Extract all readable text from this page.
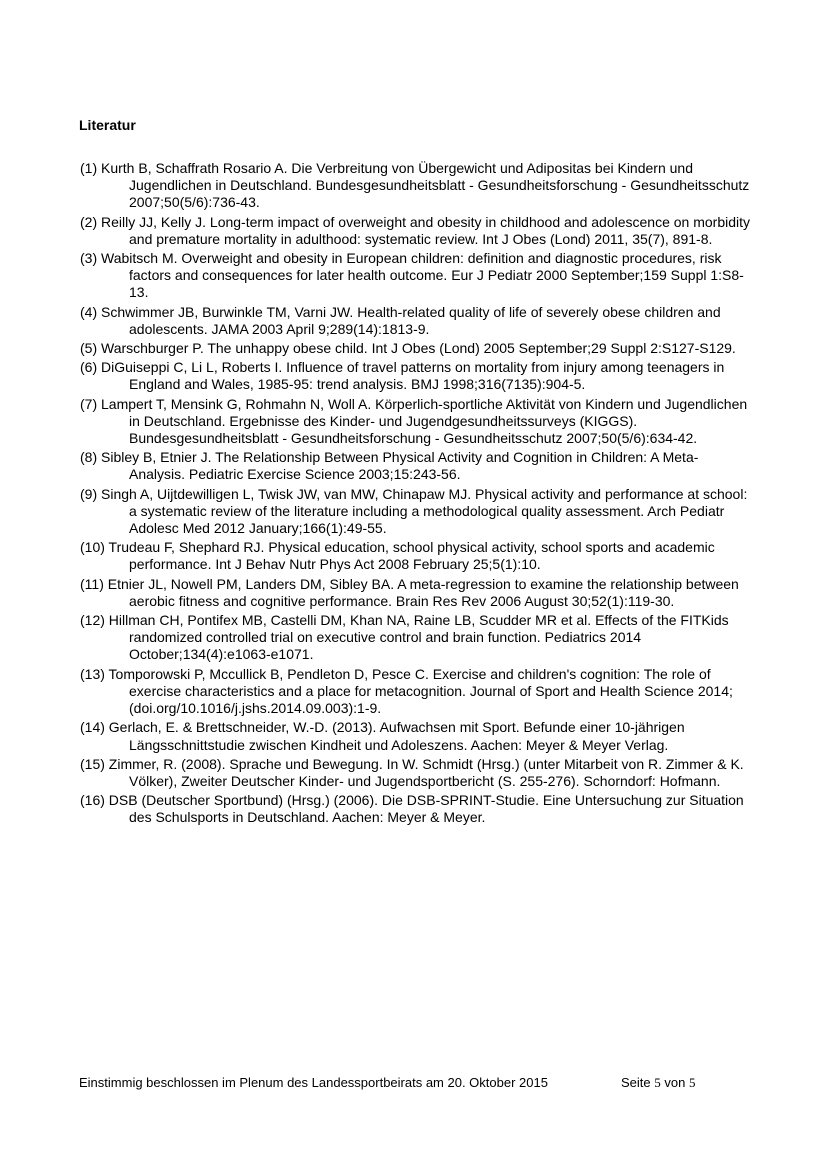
Literatur
(1) Kurth B, Schaffrath Rosario A. Die Verbreitung von Übergewicht und Adipositas bei Kindern und Jugendlichen in Deutschland. Bundesgesundheitsblatt - Gesundheitsforschung - Gesundheitsschutz 2007;50(5/6):736-43.
(2) Reilly JJ, Kelly J. Long-term impact of overweight and obesity in childhood and adolescence on morbidity and premature mortality in adulthood: systematic review. Int J Obes (Lond) 2011, 35(7), 891-8.
(3) Wabitsch M. Overweight and obesity in European children: definition and diagnostic procedures, risk factors and consequences for later health outcome. Eur J Pediatr 2000 September;159 Suppl 1:S8-13.
(4) Schwimmer JB, Burwinkle TM, Varni JW. Health-related quality of life of severely obese children and adolescents. JAMA 2003 April 9;289(14):1813-9.
(5) Warschburger P. The unhappy obese child. Int J Obes (Lond) 2005 September;29 Suppl 2:S127-S129.
(6) DiGuiseppi C, Li L, Roberts I. Influence of travel patterns on mortality from injury among teenagers in England and Wales, 1985-95: trend analysis. BMJ 1998;316(7135):904-5.
(7) Lampert T, Mensink G, Rohmahn N, Woll A. Körperlich-sportliche Aktivität von Kindern und Jugendlichen in Deutschland. Ergebnisse des Kinder- und Jugendgesundheitssurveys (KIGGS). Bundesgesundheitsblatt - Gesundheitsforschung - Gesundheitsschutz 2007;50(5/6):634-42.
(8) Sibley B, Etnier J. The Relationship Between Physical Activity and Cognition in Children: A Meta-Analysis. Pediatric Exercise Science 2003;15:243-56.
(9) Singh A, Uijtdewilligen L, Twisk JW, van MW, Chinapaw MJ. Physical activity and performance at school: a systematic review of the literature including a methodological quality assessment. Arch Pediatr Adolesc Med 2012 January;166(1):49-55.
(10) Trudeau F, Shephard RJ. Physical education, school physical activity, school sports and academic performance. Int J Behav Nutr Phys Act 2008 February 25;5(1):10.
(11) Etnier JL, Nowell PM, Landers DM, Sibley BA. A meta-regression to examine the relationship between aerobic fitness and cognitive performance. Brain Res Rev 2006 August 30;52(1):119-30.
(12) Hillman CH, Pontifex MB, Castelli DM, Khan NA, Raine LB, Scudder MR et al. Effects of the FITKids randomized controlled trial on executive control and brain function. Pediatrics 2014 October;134(4):e1063-e1071.
(13) Tomporowski P, Mccullick B, Pendleton D, Pesce C. Exercise and children's cognition: The role of exercise characteristics and a place for metacognition. Journal of Sport and Health Science 2014;(doi.org/10.1016/j.jshs.2014.09.003):1-9.
(14) Gerlach, E. & Brettschneider, W.-D. (2013). Aufwachsen mit Sport. Befunde einer 10-jährigen Längsschnittstudie zwischen Kindheit und Adoleszens. Aachen: Meyer & Meyer Verlag.
(15) Zimmer, R. (2008). Sprache und Bewegung. In W. Schmidt (Hrsg.) (unter Mitarbeit von R. Zimmer & K. Völker), Zweiter Deutscher Kinder- und Jugendsportbericht (S. 255-276). Schorndorf: Hofmann.
(16) DSB (Deutscher Sportbund) (Hrsg.) (2006). Die DSB-SPRINT-Studie. Eine Untersuchung zur Situation des Schulsports in Deutschland. Aachen: Meyer & Meyer.
Einstimmig beschlossen im Plenum des Landessportbeirats am 20. Oktober 2015	Seite 5 von 5
